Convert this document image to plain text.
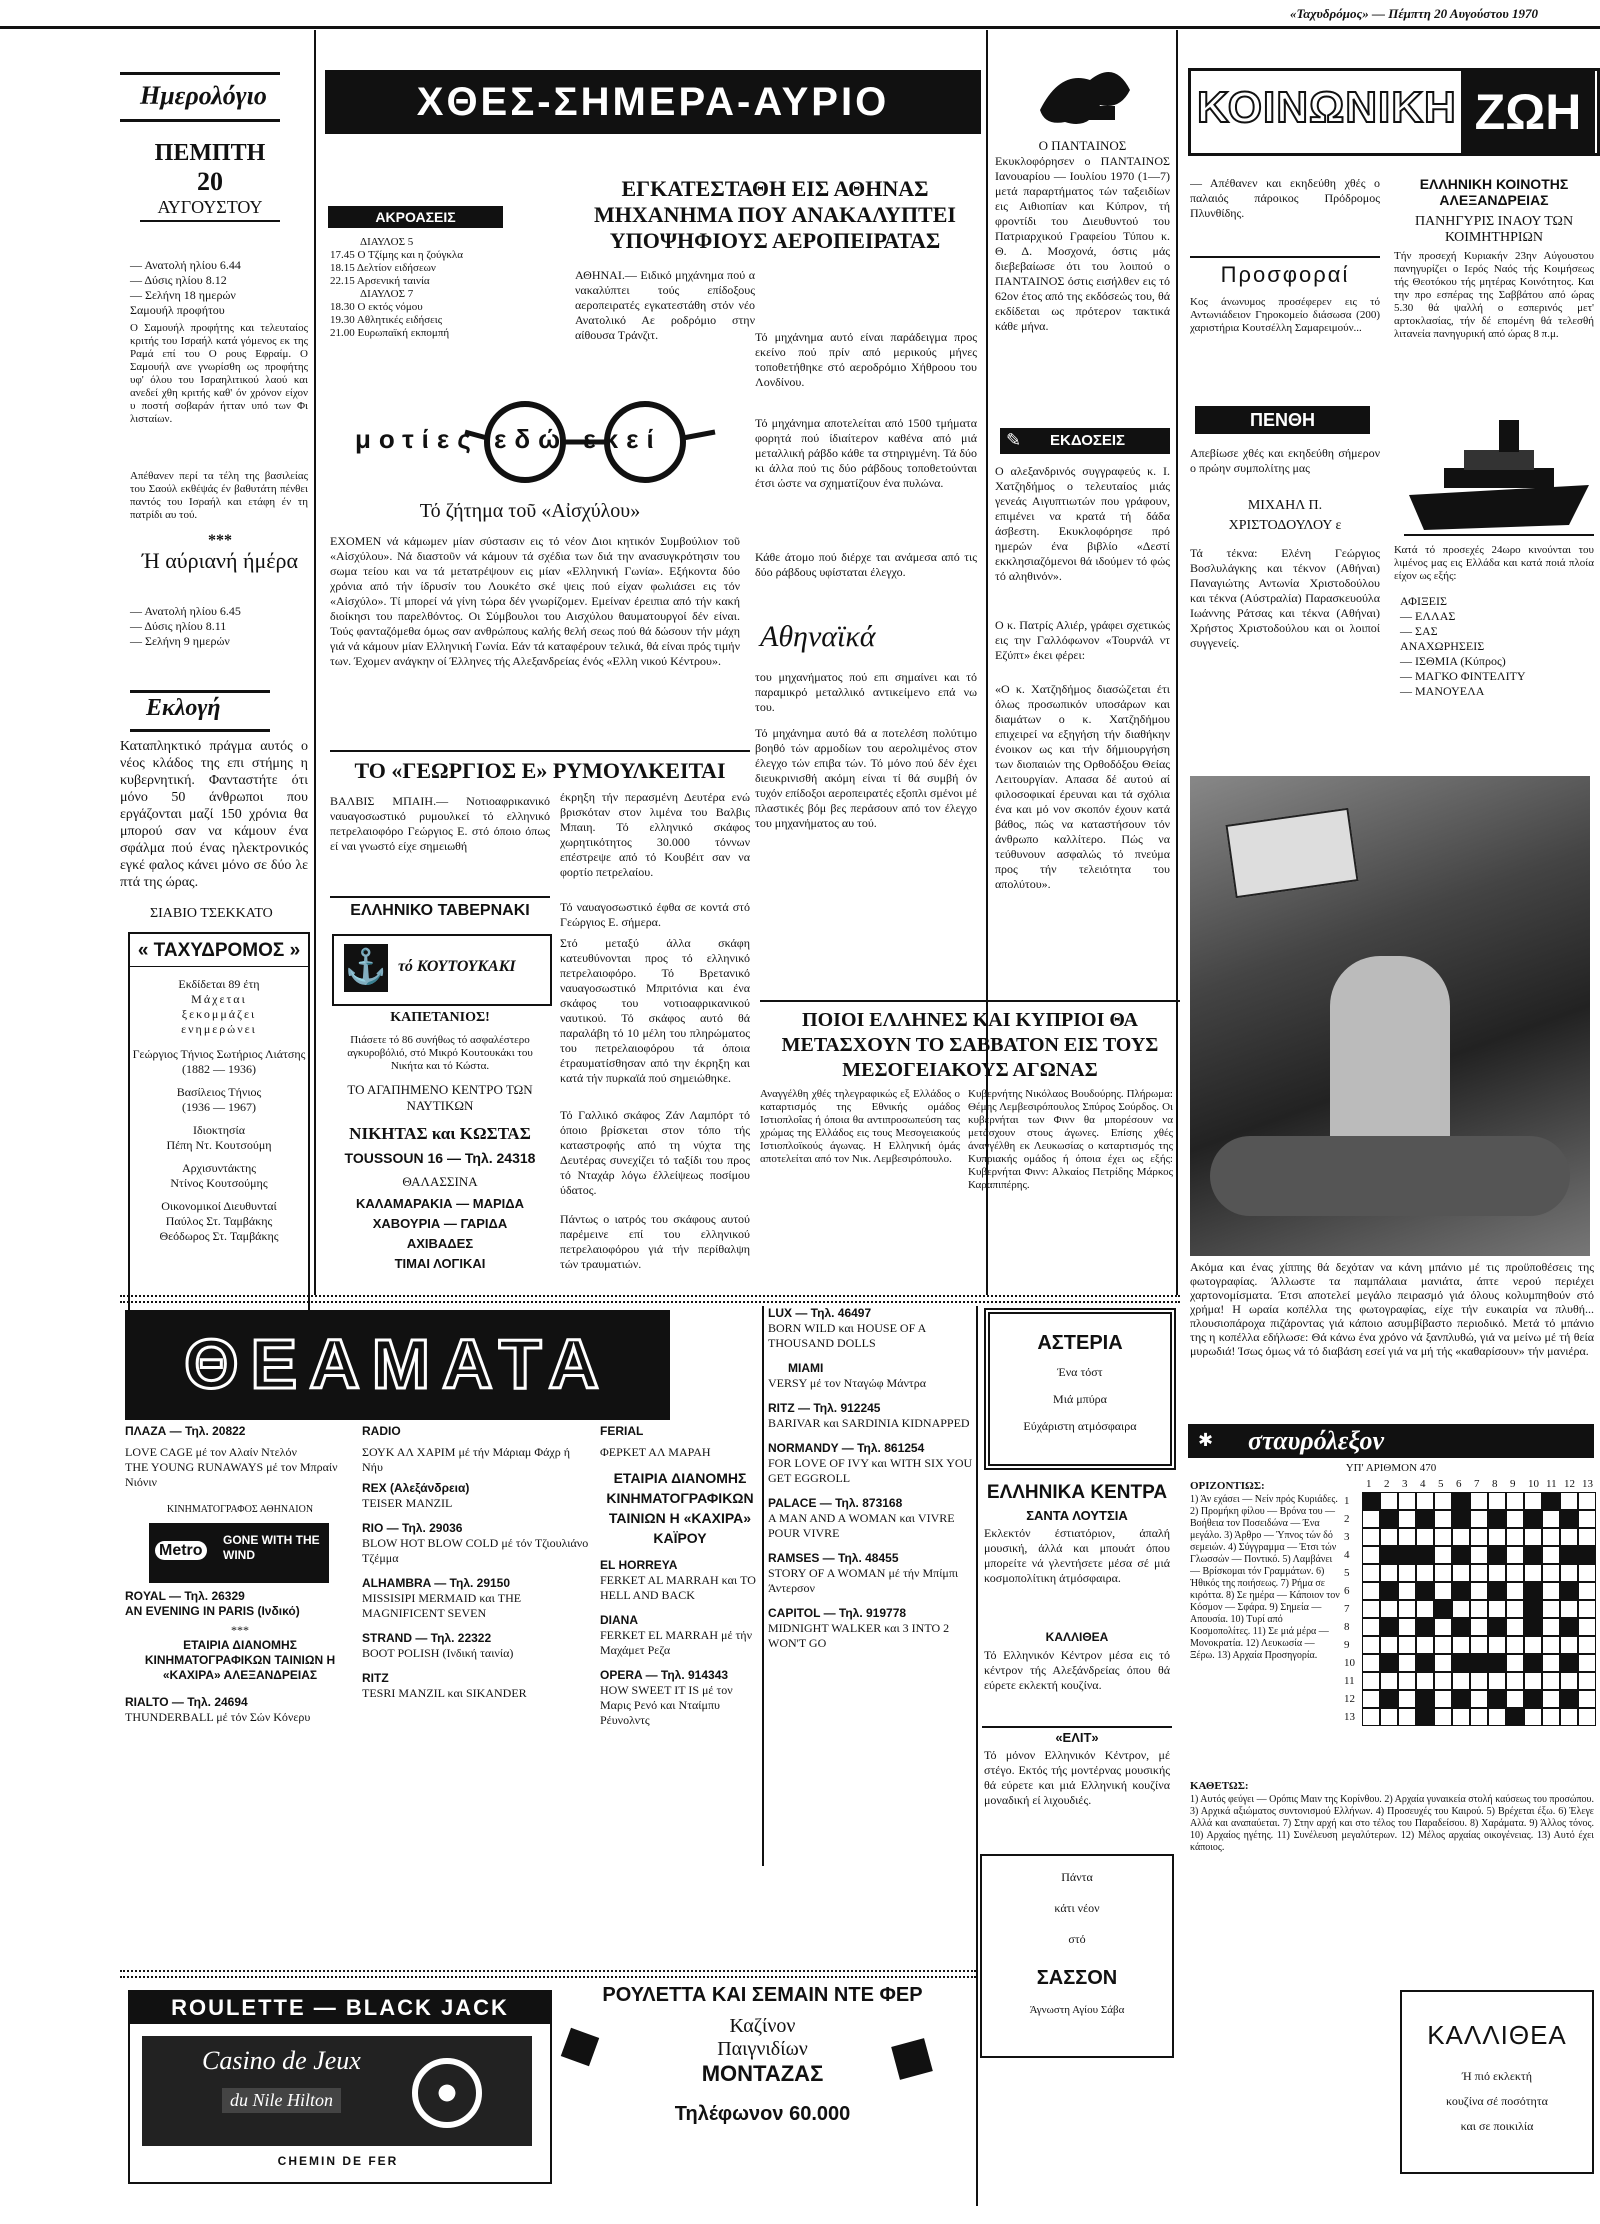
«Ταχυδρόμος» — Πέμπτη 20 Αυγούστου 1970
Ημερολόγιο
ΠΕΜΠΤΗ
20
ΑΥΓΟΥΣΤΟΥ
— Ανατολή ηλίου 6.44
— Δύσις ηλίου 8.12
— Σελήνη 18 ημερών
Σαμουήλ προφήτου
Ο Σαμουήλ προφήτης και τελευταίος κριτής του Ισραήλ κατά γόμενος εκ της Ραμά επί του Ο ρους Εφραίμ. Ο Σαμουήλ ανε γνωρίσθη ως προφήτης υφ' όλου του Ισραηλιτικού λαού και ανεδεί χθη κριτής καθ' όν χρόνον είχον υ ποστή σοβαράν ήτταν υπό των Φι λισταίων.
Απέθανεν περί τα τέλη της βασιλείας του Σαούλ εκθέψάς έν βαθυτάτη πένθει παντός του Ισραήλ και ετάφη έν τη πατρίδι αυ τού.
***
Ή αύριανή ήμέρα
— Ανατολή ηλίου 6.45
— Δύσις ηλίου 8.11
— Σελήνη 9 ημερών
Εκλογή
Καταπληκτικό πράγμα αυτός ο νέος κλάδος της επι στήμης η κυβερνητική. Φανταστήτε ότι μόνο 50 άνθρωποι που εργάζονται μαζί 150 χρόνια θα μπορού σαν να κάμουν ένα σφάλμα πού ένας ηλεκτρονικός εγκέ φαλος κάνει μόνο σε δύο λε πτά της ώρας.
ΣΙΑΒΙΟ ΤΣΕΚΚΑΤΟ
« ΤΑΧΥΔΡΟΜΟΣ »
Εκδίδεται 89 έτη
Μάχεται
ξεκομμάζει
ενημερώνει
Γεώργιος Τήνιος Σωτήριος Λιάτσης
(1882 — 1936)
Βασίλειος Τήνιος
(1936 — 1967)
Ιδιοκτησία
Πέπη Ντ. Κουτσούμη
Αρχισυντάκτης
Ντίνος Κουτσούμης
Οικονομικοί Διευθυνταί
Παύλος Στ. Ταμβάκης Θεόδωρος Στ. Ταμβάκης
ΧΘΕΣ-ΣΗΜΕΡΑ-ΑΥΡΙΟ
ΑΚΡΟΑΣΕΙΣ
ΔΙΑΥΛΟΣ 5
17.45 Ο Τζίμης και η ζούγκλα
18.15 Δελτίον ειδήσεων
22.15 Αρσενική ταινία
ΔΙΑΥΛΟΣ 7
18.30 Ο εκτός νόμου
19.30 Αθλητικές ειδήσεις
21.00 Ευρωπαϊκή εκπομπή
ΕΓΚΑΤΕΣΤΑΘΗ ΕΙΣ ΑΘΗΝΑΣ ΜΗΧΑΝΗΜΑ ΠΟΥ ΑΝΑΚΑΛΥΠΤΕΙ ΥΠΟΨΗΦΙΟΥΣ ΑΕΡΟΠΕΙΡΑΤΑΣ
ΑΘΗΝΑΙ.— Ειδικό μηχάνημα πού α νακαλύπτει τούς επίδοξους αεροπειρατές εγκατεστάθη στόν νέο Ανατολικό Αε ροδρόμιο στην αίθουσα Τράνζιτ.
μοτίες εδώ εκεί
Τό ζήτημα τοῦ «Αἰσχύλου»
ΕΧΟΜΕΝ νά κάμωμεν μίαν σύστασιν εις τό νέον Διοι κητικόν Συμβούλιον τοῦ «Αἰσχύλου». Νά διαστοῦν νά κάμουν τά σχέδια των διά την ανασυγκρότησιν του σωμα τείου και να τά μετατρέψουν εις μίαν «Ελληνική Γωνία». Εξήκοντα δύο χρόνια από τήν ίδρυσίν του Λουκέτο σκέ ψεις πού είχαν φωλιάσει εις τόν «Αἰσχύλο». Τί μπορεί νά γίνη τώρα δέν γνωρίζομεν. Εμείναν έρειπια από τήν κακή διοίκησι του παρελθόντος. Οι Σύμβουλοι του Αισχύλου θαυματουργοί δέν είναι. Τούς φανταζόμεθα όμως σαν ανθρώπους καλής θελή σεως πού θά δώσουν τήν μάχη γιά νά κάμουν μίαν Ελληνική Γωνία. Εάν τά καταφέρουν τελικά, θά είναι πρός τιμήν των. Έχομεν ανάγκην οί Έλληνες τής Αλεξανδρείας ένός «Ελλη νικού Κέντρου».
Τό μηχάνημα αυτό είναι παράδειγμα προς εκείνο πού πρίν από μερικούς μήνες τοποθετήθηκε στό αεροδρόμιο Χήθροου του Λονδίνου.
Τό μηχάνημα αποτελείται από 1500 τμήματα φορητά πού ίδιαίτερον καθένα από μιά μεταλλική ράβδο κάθε τα στηριγμένη. Τά δύο κι άλλα πού τις δύο ράβδους τοποθετούνται έτσι ώστε να σχηματίζουν ένα πυλώνα.
Κάθε άτομο πού διέρχε ται ανάμεσα από τις δύο ράβδους υφίσταται έλεγχο.
Αθηναϊκά
του μηχανήματος πού επι σημαίνει και τό παραμικρό μεταλλικό αντικείμενο επά νω του.
Τό μηχάνημα αυτό θά α ποτελέση πολύτιμο βοηθό τών αρμοδίων του αερολιμένος στον έλεγχο τών επιβα τών. Τό μόνο πού δέν έχει διευκρινισθή ακόμη είναι τί θά συμβή όν τυχόν επίδοξοι αεροπειρατές εξοπλι σμένοι μέ πλαστικές βόμ βες περάσουν από τον έλεγχο του μηχανήματος αυ τού.
ΤΟ «ΓΕΩΡΓΙΟΣ Ε» ΡΥΜΟΥΛΚΕΙΤΑΙ
ΒΑΛΒΙΣ ΜΠΑΙΗ.— Νοτιοαφρικανικό ναυαγοσωστικό ρυμουλκεί τό ελληνικό πετρελαιοφόρο Γεώργιος Ε. στό όποιο όπως εί ναι γνωστό είχε σημειωθή
έκρηξη τήν περασμένη Δευτέρα ενώ βρισκόταν στον λιμένα του Βαλβις Μπαιη. Τό ελληνικό σκάφος χωρητικότητος 30.000 τόννων επέστρεψε από τό Κουβέιτ σαν να φορτίο πετρελαίου.
Τό ναυαγοσωστικό έφθα σε κοντά στό Γεώργιος Ε. σήμερα.
Στό μεταξύ άλλα σκάφη κατευθύνονται προς τό ελληνικό πετρελαιοφόρο. Τό Βρετανικό ναυαγοσωστικό Μπριτόνια και ένα σκάφος του νοτιοαφρικανικού ναυτικού. Τό σκάφος αυτό θά παραλάβη τό 10 μέλη του πληρώματος του πετρελαιοφόρου τά όποια έτραυματίσθησαν από την έκρηξη και κατά τήν πυρκαϊά πού σημειώθηκε.
Τό Γαλλικό σκάφος Ζάν Λαμπόρτ τό όποιο βρίσκεται στον τόπο τής καταστροφής από τη νύχτα της Δευτέρας συνεχίζει τό ταξίδι του προς τό Νταχάρ λόγω έλλείψεως ποσίμου ύδατος.
Πάντως ο ιατρός του σκάφους αυτού παρέμεινε επί του ελληνικού πετρελαιοφόρου γιά τήν περίθαλψη τών τραυματιών.
ΕΛΛΗΝΙΚΟ ΤΑΒΕΡΝΑΚΙ
⚓ τό ΚΟΥΤΟΥΚΑΚΙ
ΚΑΠΕΤΑΝΙΟΣ!
Πιάσετε τό 86 συνήθως τό ασφαλέστερο αγκυροβόλιό, στό Μικρό Κουτουκάκι του Νικήτα και τό Κώστα.
ΤΟ ΑΓΑΠΗΜΕΝΟ ΚΕΝΤΡΟ ΤΩΝ ΝΑΥΤΙΚΩΝ
ΝΙΚΗΤΑΣ και ΚΩΣΤΑΣ
TOUSSOUN 16 — Τηλ. 24318
ΘΑΛΑΣΣΙΝΑ
ΚΑΛΑΜΑΡΑΚΙΑ — ΜΑΡΙΔΑ
ΧΑΒΟΥΡΙΑ — ΓΑΡΙΔΑ
ΑΧΙΒΑΔΕΣ
ΤΙΜΑΙ ΛΟΓΙΚΑΙ
ΠΟΙΟΙ ΕΛΛΗΝΕΣ ΚΑΙ ΚΥΠΡΙΟΙ ΘΑ ΜΕΤΑΣΧΟΥΝ ΤΟ ΣΑΒΒΑΤΟΝ ΕΙΣ ΤΟΥΣ ΜΕΣΟΓΕΙΑΚΟΥΣ ΑΓΩΝΑΣ
Αναγγέλθη χθές τηλεγραφικώς εξ Ελλάδος ο καταρτισμός της Εθνικής ομάδος Ιστιοπλοΐας ή όποια θα αντιπροσωπεύση τας χρώμας της Ελλάδος εις τους Μεσογειακούς Ιστιοπλοϊκούς άγωνας. Η Ελληνική όμάς αποτελείται από τον Νικ. Λεμβεσιρόπουλο.
Κυβερνήτης Νικόλαος Βουδούρης. Πλήρωμα: Θέμης Λεμβεσιρόπουλος Σπύρος Σούρδος. Οι κυβερνήται των Φινν θα μπορέσουν να μετάσχουν στους άγωνες. Επίσης χθές άναγγέλθη εκ Λευκωσίας ο καταρτισμός της Κυπριακής ομάδος ή όποια έχει ως εξής: Κυβερνήται Φινν: Αλκαίος Πετρίδης Μάρκος Καραπιπέρης.
Ο ΠΑΝΤΑΙΝΟΣ
Εκυκλοφόρησεν ο ΠΑΝΤΑΙΝΟΣ Ιανουαρίου — Ιουλίου 1970 (1—7) μετά παραρτήματος τών ταξειδίων εις Αιθιοπίαν και Κύπρον, τή φροντίδι του Διευθυντού του Πατριαρχικού Γραφείου Τύπου κ. Θ. Δ. Μοσχονά, όστις μάς διεβεβαίωσε ότι του λοιπού ο ΠΑΝΤΑΙΝΟΣ όστις εισήλθεν εις τό 62ον έτος από της εκδόσεώς του, θά εκδίδεται ως πρότερον τακτικά κάθε μήνα.
✎ ΕΚΔΟΣΕΙΣ
Ο αλεξανδρινός συγγραφεύς κ. Ι. Χατζηδήμος ο τελευταίος μιάς γενεάς Αιγυπτιωτών που γράφουν, επιμένει να κρατά τή δάδα άσβεστη. Εκυκλοφόρησε πρό ημερών ένα βιβλίο «Δεστί εκκλησιαζόμενοι θά ιδούμεν τό φώς τό αληθινόν».
Ο κ. Πατρίς Αλιέρ, γράφει σχετικώς εις την Γαλλόφωνον «Τουρνάλ ντ Εζύπτ» έκει φέρει:
«Ο κ. Χατζηδήμος διασώζεται έτι όλως προσωπικόν υποσάρων και διαμάτων ο κ. Χατζηδήμου επιχειρεί να εξηγήση τήν διαθήκην ένοικον ως και τήν δήμιουργήση των διοπαιών της Ορθοδόξου Θείας Λειτουργίαν. Απασα δέ αυτού αί φιλοσοφικαί έρευναι και τά σχόλια ένα και μό νον σκοπόν έχουν κατά βάθος, πώς να καταστήσουν τόν άνθρωπο καλλίτερο. Πώς να τεύθυνουν ασφαλώς τό πνεύμα προς τήν τελειότητα του απολύτου».
ΚΟΙΝΩΝΙΚΗ ΖΩΗ
— Απέθανεν και εκηδεύθη χθές ο παλαιός πάροικος Πρόδρομος Πλυνθίδης.
Προσφοραί
Κος άνωνυμος προσέφερεν εις τό Αντωνιάδειον Γηροκομείο διάσωσα (200) χαριστήρια Κουτσέλλη Σαμαρειμούν...
ΠΕΝΘΗ
Απεβίωσε χθές και εκηδεύθη σήμερον ο πρώην συμπολίτης μας
ΜΙΧΑΗΛ Π. ΧΡΙΣΤΟΔΟΥΛΟΥ ε
Τά τέκνα: Ελένη Γεώργιος Βοσλυλάγκης και τέκνον (Αθήναι) Παναγιώτης Αντωνία Χριστοδούλου και τέκνα (Αύστραλία) Παρασκευούλα Ιωάννης Ράτσας και τέκνα (Αθήναι) Χρήστος Χριστοδούλου και οι λοιποί συγγενείς.
ΕΛΛΗΝΙΚΗ ΚΟΙΝΟΤΗΣ ΑΛΕΞΑΝΔΡΕΙΑΣ
ΠΑΝΗΓΥΡΙΣ ΙΝΑΟΥ ΤΩΝ ΚΟΙΜΗΤΗΡΙΩΝ
Τήν προσεχή Κυριακήν 23ην Αύγουστου πανηγυρίζει ο Ιερός Ναός τής Κοιμήσεως τής Θεοτόκου τής μητέρας Κοινότητος. Και την προ εσπέρας της Σαββάτου από ώρας 5.30 θά ψαλλή ο εσπερινός μετ' αρτοκλασίας, τήν δέ επομένη θά τελεσθή λιτανεία πανηγυρική από ώρας 8 π.μ.
Κατά τό προσεχές 24ωρο κινούνται του λιμένος μας εις Ελλάδα και κατά ποιά πλοία είχον ως εξής:
ΑΦΙΞΕΙΣ
— ΕΛΛΑΣ
— ΣΑΣ
ΑΝΑΧΩΡΗΣΕΙΣ
— ΙΣΘΜΙΑ (Κύπρος)
— ΜΑΓΚΟ ΦΙΝΤΕΛΙΤΥ
— ΜΑΝΟΥΕΛΑ
Ακόμα και ένας χίππης θά δεχόταν να κάνη μπάνιο μέ τις προϋποθέσεις της φωτογραφίας. Άλλωστε τα παμπάλαια μανιάτα, άπτε νερού περιέχει χαρτονομίσματα. Έτσι αποτελεί μεγάλο πειρασμό γιά όλους κολυμπηθούν στό χρήμα! Η ωραία κοπέλλα της φωτογραφίας, είχε τήν ευκαιρία να πλυθή... πλουσιοπάροχα πιζάροντας γιά κάποιο ασυμβίβαστο περιοδικό. Μετά τό μπάνιο της η κοπέλλα εδήλωσε: Θά κάνω ένα χρόνο νά ξανπλυθώ, γιά να μείνω μέ τή θεία μυρωδιά! Ίσως όμως νά τό διαβάση εσεί γιά να μή τής «καθαρίσουν» τήν μανιέρα.
ΘΕΑΜΑΤΑ
ΠΛΑΖΑ — Τηλ. 20822
LOVE CAGE μέ τον Αλαίν Ντελόν
THE YOUNG RUNAWAYS μέ τον Μπραίν Νιόνιν
ΚΙΝΗΜΑΤΟΓΡΑΦΟΣ ΑΘΗΝΑΙΟΝ
Metro
GONE WITH THE WIND
ROYAL — Τηλ. 26329
AN EVENING IN PARIS (Ινδικό)
***
ΕΤΑΙΡΙΑ ΔΙΑΝΟΜΗΣ ΚΙΝΗΜΑΤΟΓΡΑΦΙΚΩΝ ΤΑΙΝΙΩΝ Η «ΚΑΧΙΡΑ» ΑΛΕΞΑΝΔΡΕΙΑΣ
RIALTO — Τηλ. 24694
THUNDERBALL μέ τόν Σών Κόνερυ
RADIO
ΣΟΥΚ ΑΛ ΧΑΡΙΜ μέ τήν Μάριαμ Φάχρ ή Νήυ
REX (Αλεξάνδρεια)
TEISER MANZIL
RIO — Τηλ. 29036
BLOW HOT BLOW COLD μέ τόν Τζιουλιάνο Τζέμμα
ALHAMBRA — Τηλ. 29150
MISSISIPI MERMAID και THE MAGNIFICENT SEVEN
STRAND — Τηλ. 22322
BOOT POLISH (Ινδική ταινία)
RITZ
TESRI MANZIL και SIKANDER
FERIAL
ΦΕΡΚΕΤ ΑΛ ΜΑΡΑΗ
ΕΤΑΙΡΙΑ ΔΙΑΝΟΜΗΣ ΚΙΝΗΜΑΤΟΓΡΑΦΙΚΩΝ ΤΑΙΝΙΩΝ Η «ΚΑΧΙΡΑ» ΚΑΪΡΟΥ
EL HORREYA
FERKET AL MARRAH και TO HELL AND BACK
DIANA
FERKET EL MARRAH μέ τήν Μαχάμετ Ρεζα
OPERA — Τηλ. 914343
HOW SWEET IT IS μέ τον Μαρις Ρενό και Νταίμπυ Ρέυνολντς
LUX — Τηλ. 46497
BORN WILD και HOUSE OF A THOUSAND DOLLS
MIAMI
VERSY μέ τον Νταγώφ Μάντρα
RITZ — Τηλ. 912245
BARIVAR και SARDINIA KIDNAPPED
NORMANDY — Τηλ. 861254
FOR LOVE OF IVY και WITH SIX YOU GET EGGROLL
PALACE — Τηλ. 873168
A MAN AND A WOMAN και VIVRE POUR VIVRE
RAMSES — Τηλ. 48455
STORY OF A WOMAN μέ τήν Μπίμπι Άντερσον
CAPITOL — Τηλ. 919778
MIDNIGHT WALKER και 3 INTO 2 WON'T GO
ΑΣΤΕΡΙΑ
Ένα τόστ
Μιά μπύρα
Εύχάριστη ατμόσφαιρα
ΕΛΛΗΝΙΚΑ ΚΕΝΤΡΑ
ΣΑΝΤΑ ΛΟΥΤΣΙΑ
Εκλεκτόν έστιατόριον, άπαλή μουσική, άλλά και μπουάτ όπου μπορείτε νά γλεντήσετε μέσα σέ μιά κοσμοπολίτικη άτμόσφαιρα.
ΚΑΛΛΙΘΕΑ
Τό Ελληνικόν Κέντρον μέσα εις τό κέντρον τής Αλεξάνδρείας όπου θά εύρετε εκλεκτή κουζίνα.
«ΕΛΙΤ»
Τό μόνον Ελληνικόν Κέντρον, μέ στέγο. Εκτός τής μοντέρνας μουσικής θά εύρετε και μιά Ελληνική κουζίνα μοναδική εί λιχουδιές.
Πάντα
κάτι νέον
στό
ΣΑΣΣΟΝ
Άγνωστη Αγίου Σάβα
✱ σταυρόλεξον
ΥΠ' ΑΡΙΘΜΟΝ 470
ΟΡΙΖΟΝΤΙΩΣ:
1) Άν εχάσει — Νείν πρός Κυριάδες. 2) Προμήκη φίλου — Βρόνα του — Βοήθεια τον Ποσειδώνα — Ένα μεγάλο. 3) Άρθρο — Ύπνος τών δό σεμειών. 4) Σύγγραμμα — Έτσι τών Γλωσσών — Ποντικό. 5) Λαμβάνει — Βρίσκομαι τόν Γραμμάτων. 6) Ήθικός της ποιήσεως. 7) Ρήμα σε κιρόττα. 8) Σε ημέρα — Κάποιον τον Κόσμον — Σφάρα. 9) Σημεία — Απουσία. 10) Τυρί από Κοσμοπολίτες. 11) Σε μιά μέρα — Μονοκρατία. 12) Λευκωσία — Ξέρω. 13) Αρχαία Προσηγορία.
1
1
2
2
3
3
4
4
5
5
6
6
7
7
8
8
9
9
10
10
11
11
12
12
13
13
ΚΑΘΕΤΩΣ:
1) Αυτός φεύγει — Ορόπις Μαιν της Κορίνθου. 2) Αρχαία γυναικεία στολή καύσεως του προσώπου. 3) Αρχικά αξιώματος συντονισμού Ελλήνων. 4) Προσευχές του Καιρού. 5) Βρέχεται έξω. 6) Έλεγε Αλλά και αναπαύεται. 7) Στην αρχή και στο τέλος του Παραδείσου. 8) Χαράματα. 9) Άλλος τόνος. 10) Αρχαίος ηγέτης. 11) Συνέλευση μεγαλύτερων. 12) Μέλος αρχαίας οικογένειας. 13) Αυτό έχει κάποιος.
ΚΑΛΛΙΘΕΑ
Ή πιό εκλεκτή
κουζίνα σέ ποσότητα
και σε ποικιλία
ROULETTE — BLACK JACK
Casino de Jeux
du Nile Hilton
CHEMIN DE FER
ΡΟΥΛΕΤΤΑ ΚΑΙ ΣΕΜΑΙΝ ΝΤΕ ΦΕΡ
Καζίνον
Παιγνιδίων
ΜΟΝΤΑΖΑΣ
Τηλέφωνον 60.000
